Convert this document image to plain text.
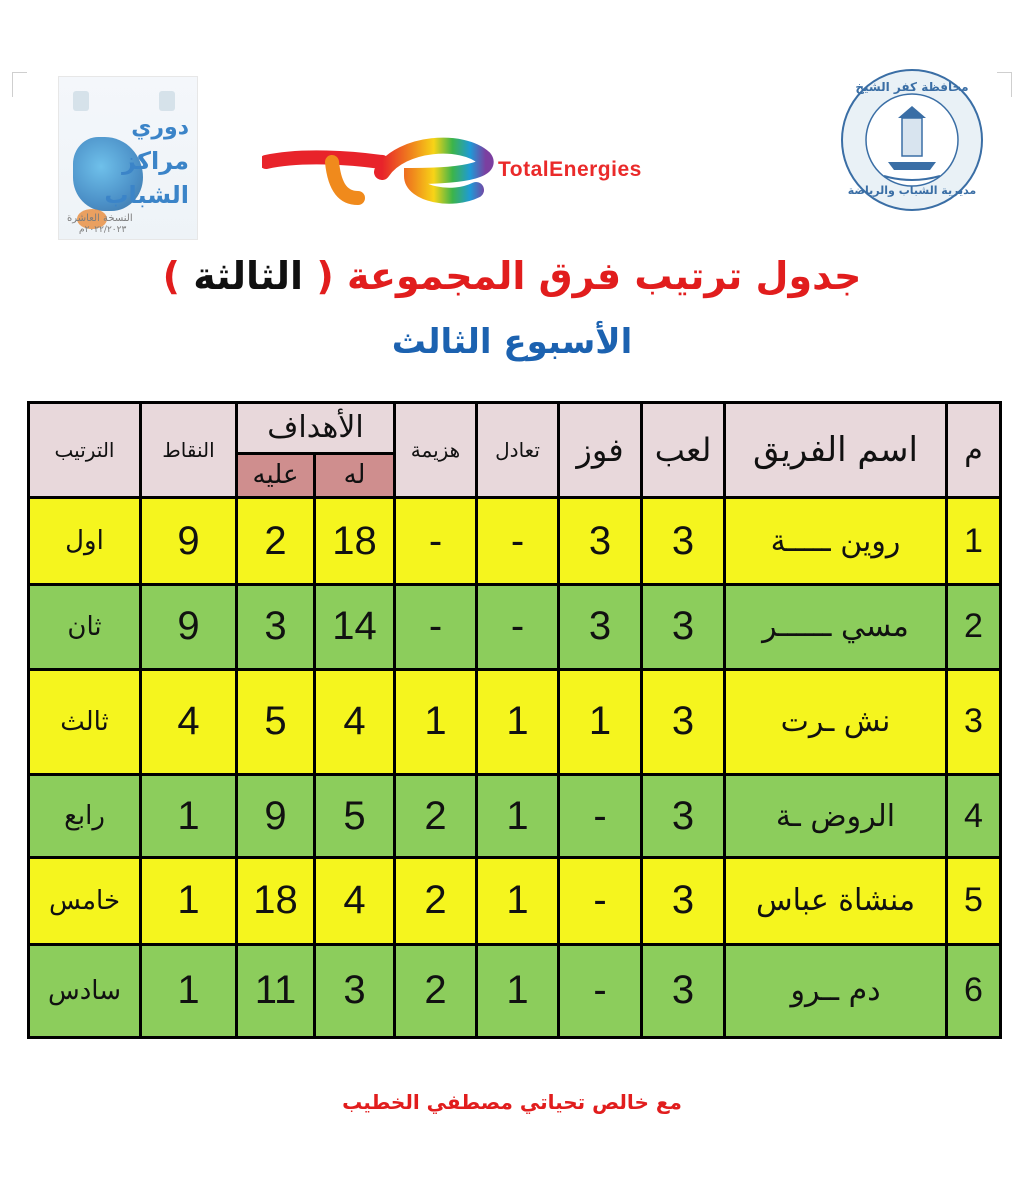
دوري
مراكز
الشباب
النسخة العاشرة
٢٠٢٢/٢٠٢٣م
TotalEnergies
محافظة كفر الشيخ
مديرية الشباب والرياضة
جدول ترتيب فرق المجموعة ( الثالثة )
الأسبوع الثالث
م	اسم الفريق	لعب	فوز	تعادل	هزيمة	الأهداف		النقاط	الترتيب
						له	عليه		
1	روين ـــــة	3	3	-	-	18	2	9	اول
2	مسي ــــــر	3	3	-	-	14	3	9	ثان
3	نش ـرت	3	1	1	1	4	5	4	ثالث
4	الروض ـة	3	-	1	2	5	9	1	رابع
5	منشاة عباس	3	-	1	2	4	18	1	خامس
6	دم ــرو	3	-	1	2	3	11	1	سادس
مع خالص تحياتي مصطفي الخطيب
